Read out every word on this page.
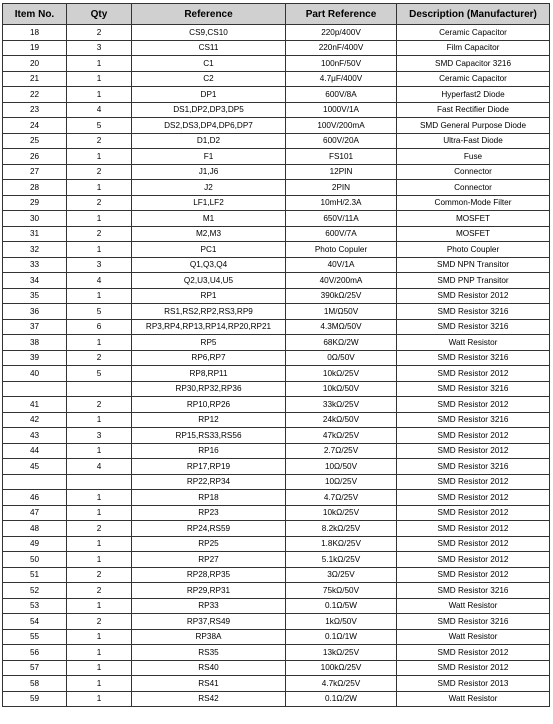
Item No.	Qty	Reference	Part Reference	Description (Manufacturer)
18	2	CS9,CS10	220p/400V	Ceramic Capacitor
19	3	CS11	220nF/400V	Film Capacitor
20	1	C1	100nF/50V	SMD Capacitor 3216
21	1	C2	4.7μF/400V	Ceramic Capacitor
22	1	DP1	600V/8A	Hyperfast2 Diode
23	4	DS1,DP2,DP3,DP5	1000V/1A	Fast Rectifier Diode
24	5	DS2,DS3,DP4,DP6,DP7	100V/200mA	SMD General Purpose Diode
25	2	D1,D2	600V/20A	Ultra-Fast Diode
26	1	F1	FS101	Fuse
27	2	J1,J6	12PIN	Connector
28	1	J2	2PIN	Connector
29	2	LF1,LF2	10mH/2.3A	Common-Mode Filter
30	1	M1	650V/11A	MOSFET
31	2	M2,M3	600V/7A	MOSFET
32	1	PC1	Photo Copuler	Photo Coupler
33	3	Q1,Q3,Q4	40V/1A	SMD NPN Transitor
34	4	Q2,U3,U4,U5	40V/200mA	SMD PNP Transitor
35	1	RP1	390kΩ/25V	SMD Resistor 2012
36	5	RS1,RS2,RP2,RS3,RP9	1M/Ω50V	SMD Resistor 3216
37	6	RP3,RP4,RP13,RP14,RP20,RP21	4.3MΩ/50V	SMD Resistor 3216
38	1	RP5	68KΩ/2W	Watt Resistor
39	2	RP6,RP7	0Ω/50V	SMD Resistor 3216
40	5	RP8,RP11	10kΩ/25V	SMD Resistor 2012
		RP30,RP32,RP36	10kΩ/50V	SMD Resistor 3216
41	2	RP10,RP26	33kΩ/25V	SMD Resistor 2012
42	1	RP12	24kΩ/50V	SMD Resistor 3216
43	3	RP15,RS33,RS56	47kΩ/25V	SMD Resistor 2012
44	1	RP16	2.7Ω/25V	SMD Resistor 2012
45	4	RP17,RP19	10Ω/50V	SMD Resistor 3216
		RP22,RP34	10Ω/25V	SMD Resistor 2012
46	1	RP18	4.7Ω/25V	SMD Resistor 2012
47	1	RP23	10kΩ/25V	SMD Resistor 2012
48	2	RP24,RS59	8.2kΩ/25V	SMD Resistor 2012
49	1	RP25	1.8KΩ/25V	SMD Resistor 2012
50	1	RP27	5.1kΩ/25V	SMD Resistor 2012
51	2	RP28,RP35	3Ω/25V	SMD Resistor 2012
52	2	RP29,RP31	75kΩ/50V	SMD Resistor 3216
53	1	RP33	0.1Ω/5W	Watt Resistor
54	2	RP37,RS49	1kΩ/50V	SMD Resistor 3216
55	1	RP38A	0.1Ω/1W	Watt Resistor
56	1	RS35	13kΩ/25V	SMD Resistor 2012
57	1	RS40	100kΩ/25V	SMD Resistor 2012
58	1	RS41	4.7kΩ/25V	SMD Resistor 2013
59	1	RS42	0.1Ω/2W	Watt Resistor
